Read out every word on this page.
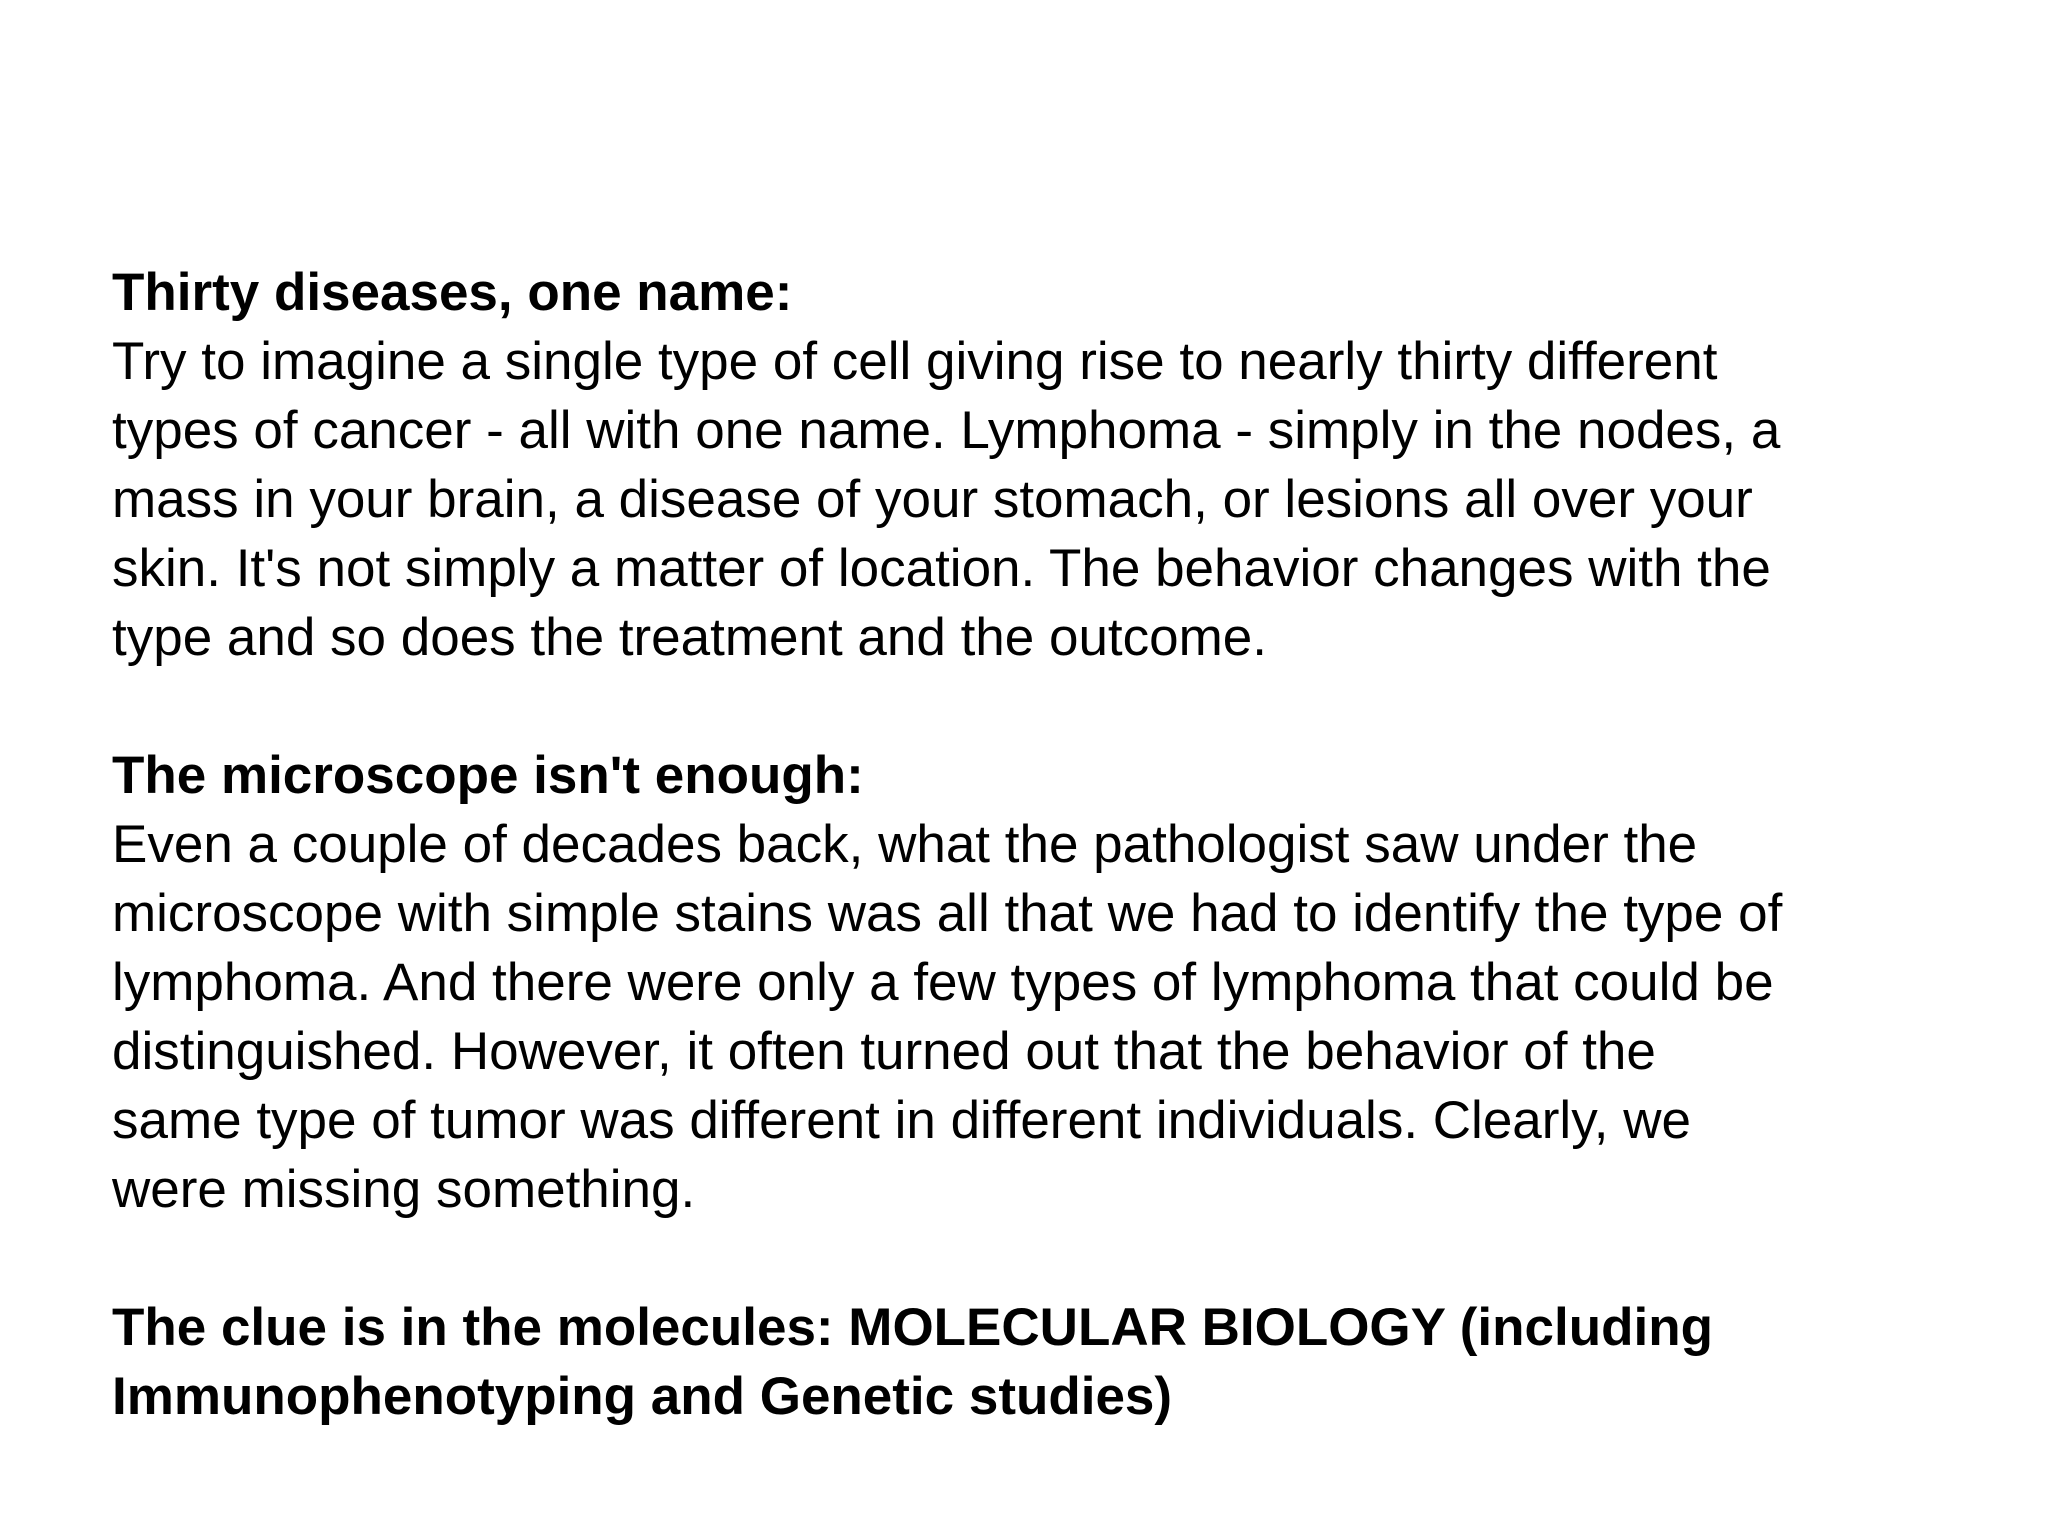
Thirty diseases, one name:
Try to imagine a single type of cell giving rise to nearly thirty different
types of cancer - all with one name. Lymphoma - simply in the nodes, a
mass in your brain, a disease of your stomach, or lesions all over your
skin. It's not simply a matter of location. The behavior changes with the
type and so does the treatment and the outcome.
The microscope isn't enough:
Even a couple of decades back, what the pathologist saw under the
microscope with simple stains was all that we had to identify the type of
lymphoma. And there were only a few types of lymphoma that could be
distinguished. However, it often turned out that the behavior of the
same type of tumor was different in different individuals. Clearly, we
were missing something.
The clue is in the molecules: MOLECULAR BIOLOGY (including
Immunophenotyping and Genetic studies)
